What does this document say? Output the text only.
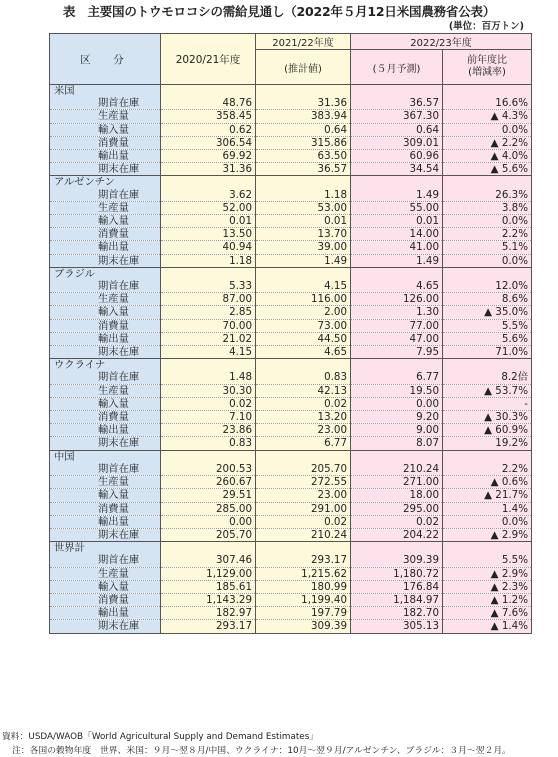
表　主要国のトウモロコシの需給見通し（2022年５月12日米国農務省公表）
(単位：百万トン)
区　分	2020/21年度	2021/22年度	2022/23年度	
		(推計値)	(５月予測)	前年度比
(増減率)

米国				
期首在庫	48.76	31.36	36.57	16.6%
生産量	358.45	383.94	367.30	▲ 4.3%
輸入量	0.62	0.64	0.64	0.0%
消費量	306.54	315.86	309.01	▲ 2.2%
輸出量	69.92	63.50	60.96	▲ 4.0%
期末在庫	31.36	36.57	34.54	▲ 5.6%
アルゼンチン				
期首在庫	3.62	1.18	1.49	26.3%
生産量	52.00	53.00	55.00	3.8%
輸入量	0.01	0.01	0.01	0.0%
消費量	13.50	13.70	14.00	2.2%
輸出量	40.94	39.00	41.00	5.1%
期末在庫	1.18	1.49	1.49	0.0%
ブラジル				
期首在庫	5.33	4.15	4.65	12.0%
生産量	87.00	116.00	126.00	8.6%
輸入量	2.85	2.00	1.30	▲ 35.0%
消費量	70.00	73.00	77.00	5.5%
輸出量	21.02	44.50	47.00	5.6%
期末在庫	4.15	4.65	7.95	71.0%
ウクライナ				
期首在庫	1.48	0.83	6.77	8.2倍
生産量	30.30	42.13	19.50	▲ 53.7%
輸入量	0.02	0.02	0.00	-
消費量	7.10	13.20	9.20	▲ 30.3%
輸出量	23.86	23.00	9.00	▲ 60.9%
期末在庫	0.83	6.77	8.07	19.2%
中国				
期首在庫	200.53	205.70	210.24	2.2%
生産量	260.67	272.55	271.00	▲ 0.6%
輸入量	29.51	23.00	18.00	▲ 21.7%
消費量	285.00	291.00	295.00	1.4%
輸出量	0.00	0.02	0.02	0.0%
期末在庫	205.70	210.24	204.22	▲ 2.9%
世界計				
期首在庫	307.46	293.17	309.39	5.5%
生産量	1,129.00	1,215.62	1,180.72	▲ 2.9%
輸入量	185.61	180.99	176.84	▲ 2.3%
消費量	1,143.29	1,199.40	1,184.97	▲ 1.2%
輸出量	182.97	197.79	182.70	▲ 7.6%
期末在庫	293.17	309.39	305.13	▲ 1.4%
資料：USDA/WAOB「World Agricultural Supply and Demand Estimates」
注：各国の穀物年度　世界、米国：９月～翌８月/中国、ウクライナ：10月～翌９月/アルゼンチン、ブラジル：３月～翌２月。
